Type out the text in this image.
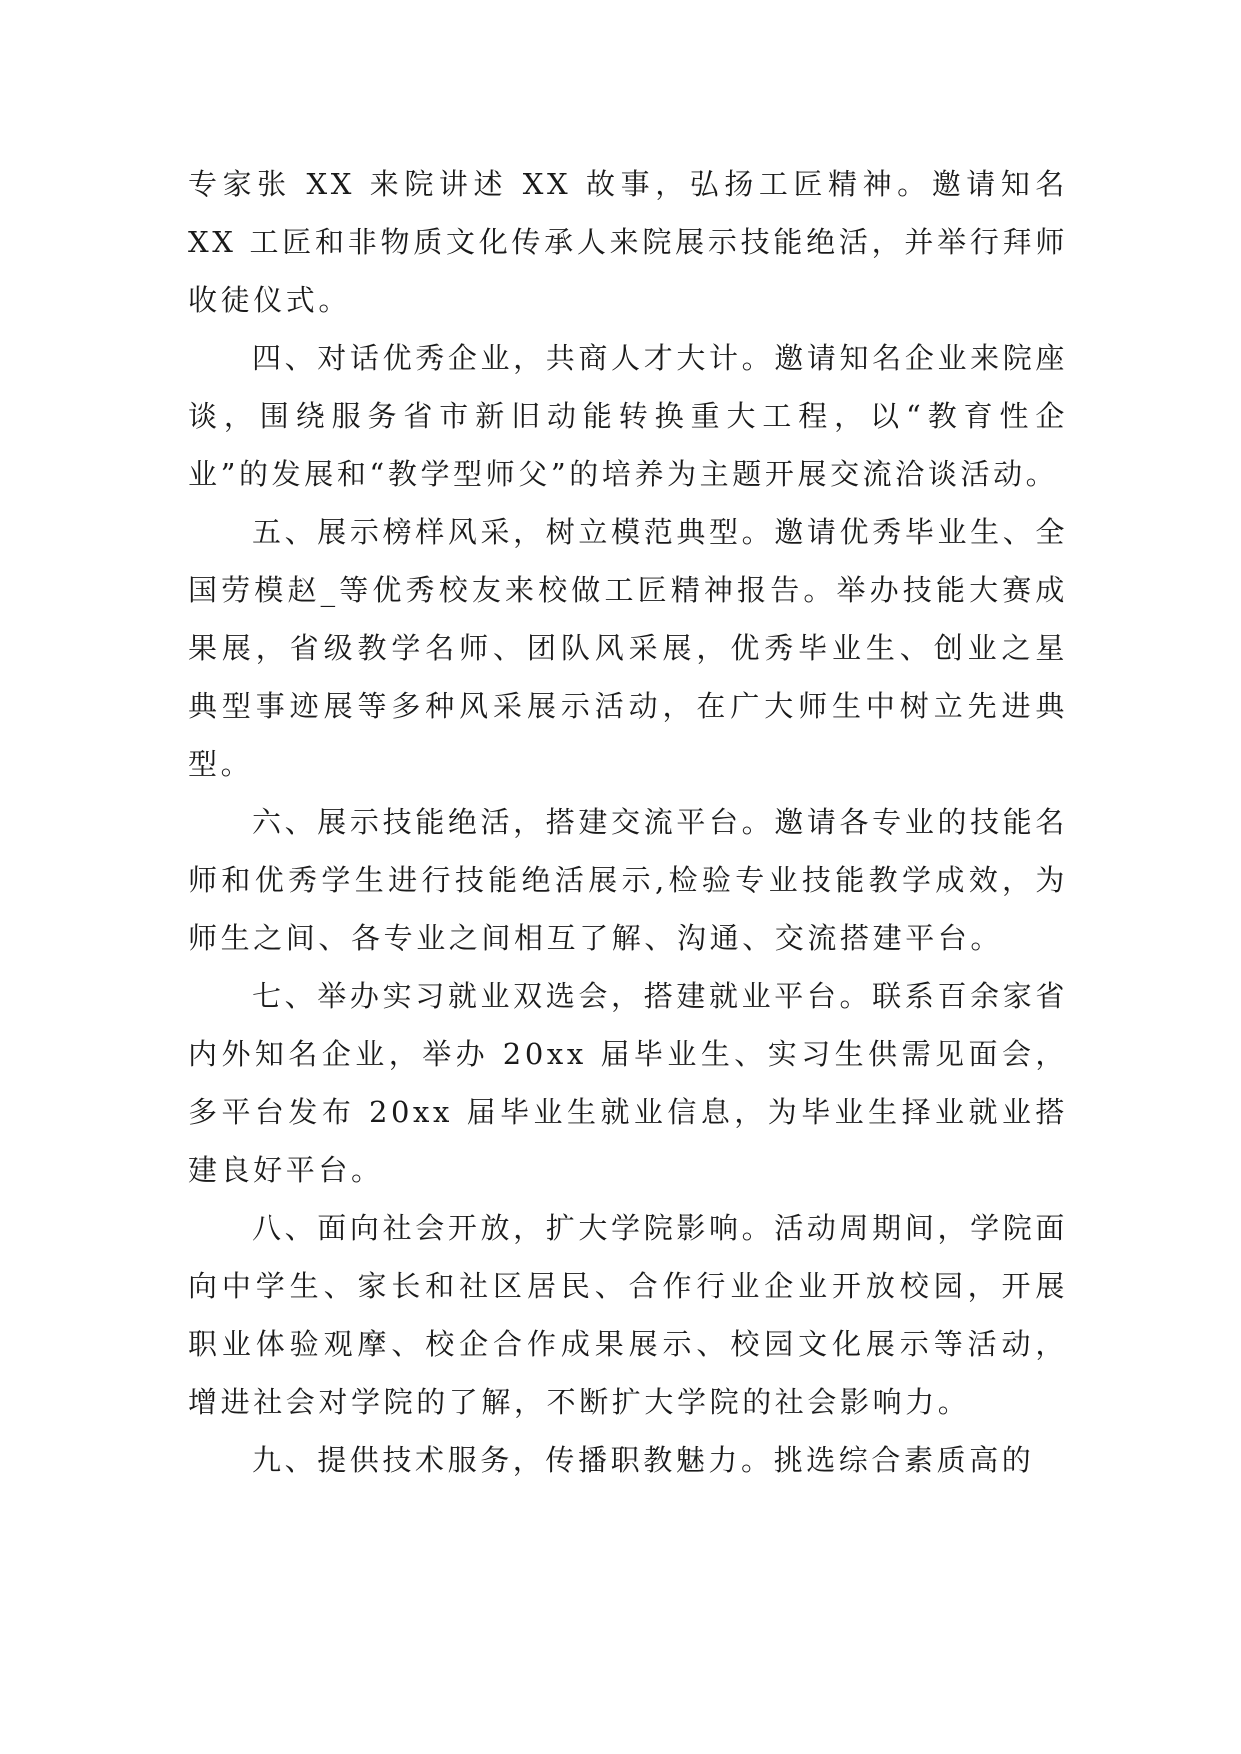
专家张 XX 来院讲述 XX 故事，弘扬工匠精神。邀请知名 XX 工匠和非物质文化传承人来院展示技能绝活，并举行拜师收徒仪式。

四、对话优秀企业，共商人才大计。邀请知名企业来院座谈，围绕服务省市新旧动能转换重大工程，以“教育性企业”的发展和“教学型师父”的培养为主题开展交流洽谈活动。

五、展示榜样风采，树立模范典型。邀请优秀毕业生、全国劳模赵_等优秀校友来校做工匠精神报告。举办技能大赛成果展，省级教学名师、团队风采展，优秀毕业生、创业之星典型事迹展等多种风采展示活动，在广大师生中树立先进典型。

六、展示技能绝活，搭建交流平台。邀请各专业的技能名师和优秀学生进行技能绝活展示,检验专业技能教学成效，为师生之间、各专业之间相互了解、沟通、交流搭建平台。

七、举办实习就业双选会，搭建就业平台。联系百余家省内外知名企业，举办 20xx 届毕业生、实习生供需见面会，多平台发布 20xx 届毕业生就业信息，为毕业生择业就业搭建良好平台。

八、面向社会开放，扩大学院影响。活动周期间，学院面向中学生、家长和社区居民、合作行业企业开放校园，开展职业体验观摩、校企合作成果展示、校园文化展示等活动，增进社会对学院的了解，不断扩大学院的社会影响力。

九、提供技术服务，传播职教魅力。挑选综合素质高的
